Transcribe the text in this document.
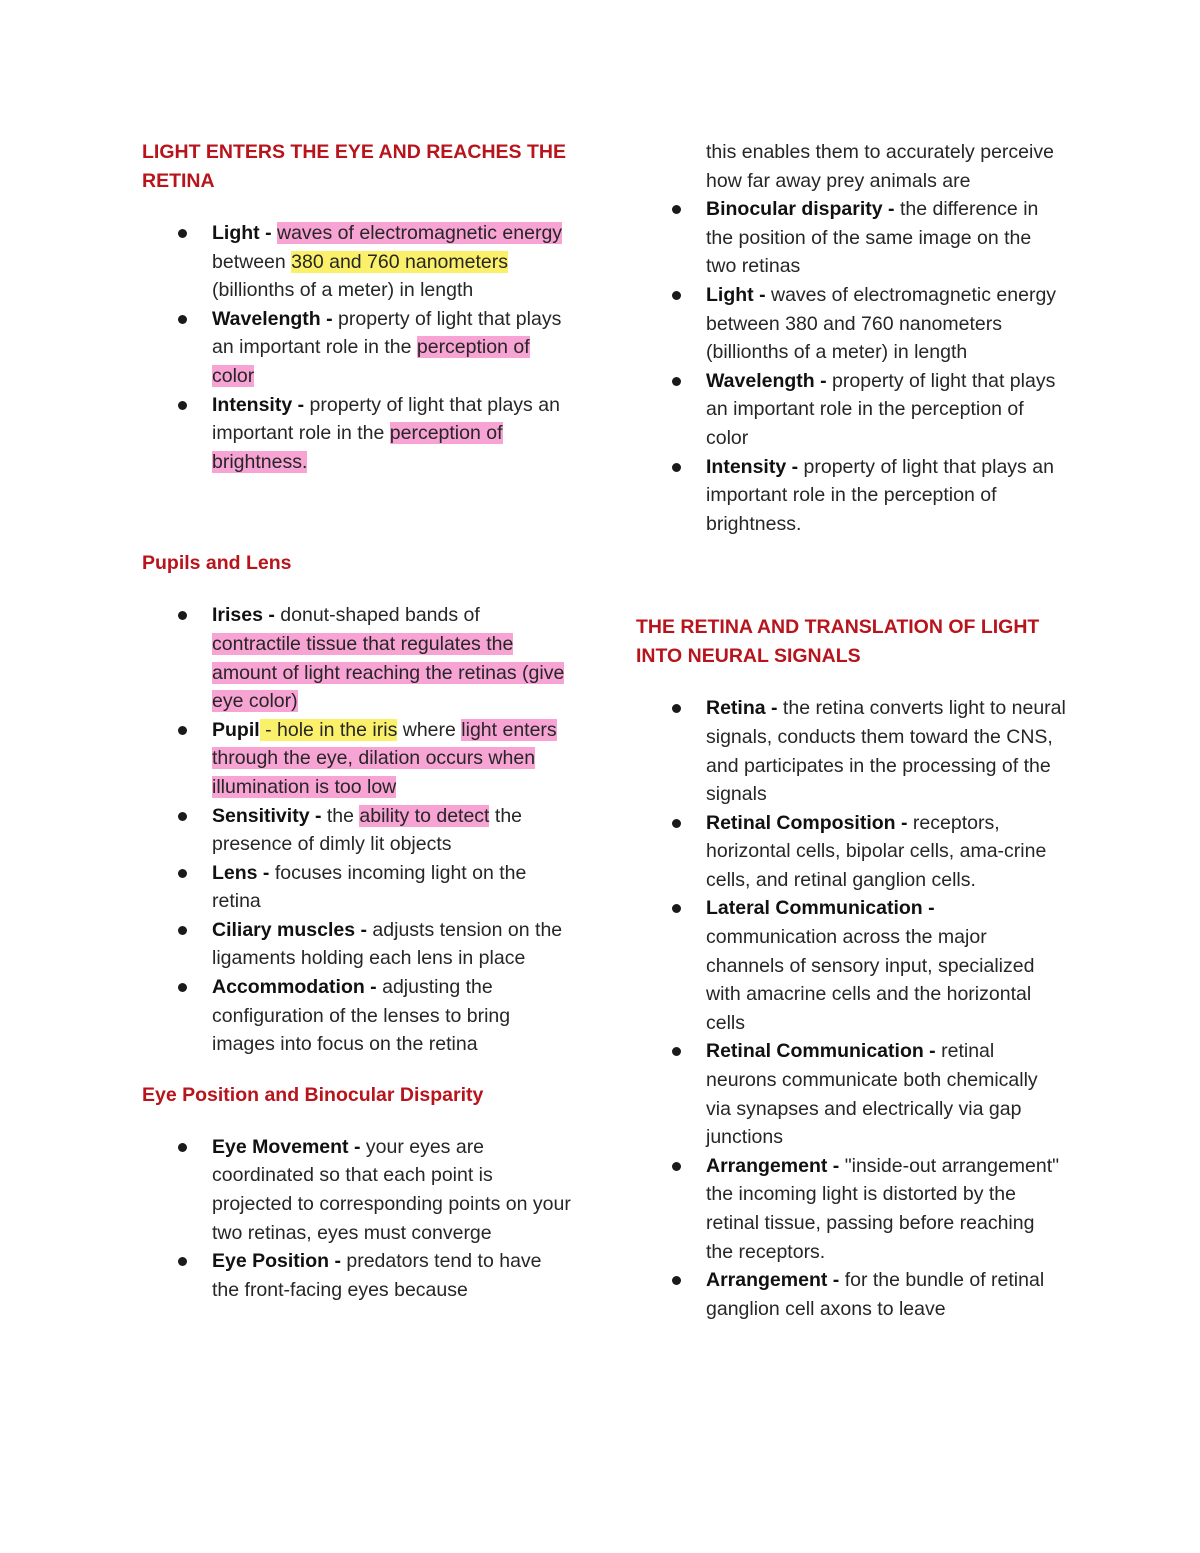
LIGHT ENTERS THE EYE AND REACHES THE RETINA
Light - waves of electromagnetic energy between 380 and 760 nanometers (billionths of a meter) in length
Wavelength - property of light that plays an important role in the perception of color
Intensity - property of light that plays an important role in the perception of brightness.
Pupils and Lens
Irises - donut-shaped bands of contractile tissue that regulates the amount of light reaching the retinas (give eye color)
Pupil - hole in the iris where light enters through the eye, dilation occurs when illumination is too low
Sensitivity - the ability to detect the presence of dimly lit objects
Lens - focuses incoming light on the retina
Ciliary muscles - adjusts tension on the ligaments holding each lens in place
Accommodation - adjusting the configuration of the lenses to bring images into focus on the retina
Eye Position and Binocular Disparity
Eye Movement - your eyes are coordinated so that each point is projected to corresponding points on your two retinas, eyes must converge
Eye Position - predators tend to have the front-facing eyes because
this enables them to accurately perceive how far away prey animals are
Binocular disparity - the difference in the position of the same image on the two retinas
Light - waves of electromagnetic energy between 380 and 760 nanometers (billionths of a meter) in length
Wavelength - property of light that plays an important role in the perception of color
Intensity - property of light that plays an important role in the perception of brightness.
THE RETINA AND TRANSLATION OF LIGHT INTO NEURAL SIGNALS
Retina - the retina converts light to neural signals, conducts them toward the CNS, and participates in the processing of the signals
Retinal Composition - receptors, horizontal cells, bipolar cells, ama-crine cells, and retinal ganglion cells.
Lateral Communication - communication across the major channels of sensory input, specialized with amacrine cells and the horizontal cells
Retinal Communication - retinal neurons communicate both chemically via synapses and electrically via gap junctions
Arrangement - "inside-out arrangement" the incoming light is distorted by the retinal tissue, passing before reaching the receptors.
Arrangement - for the bundle of retinal ganglion cell axons to leave
